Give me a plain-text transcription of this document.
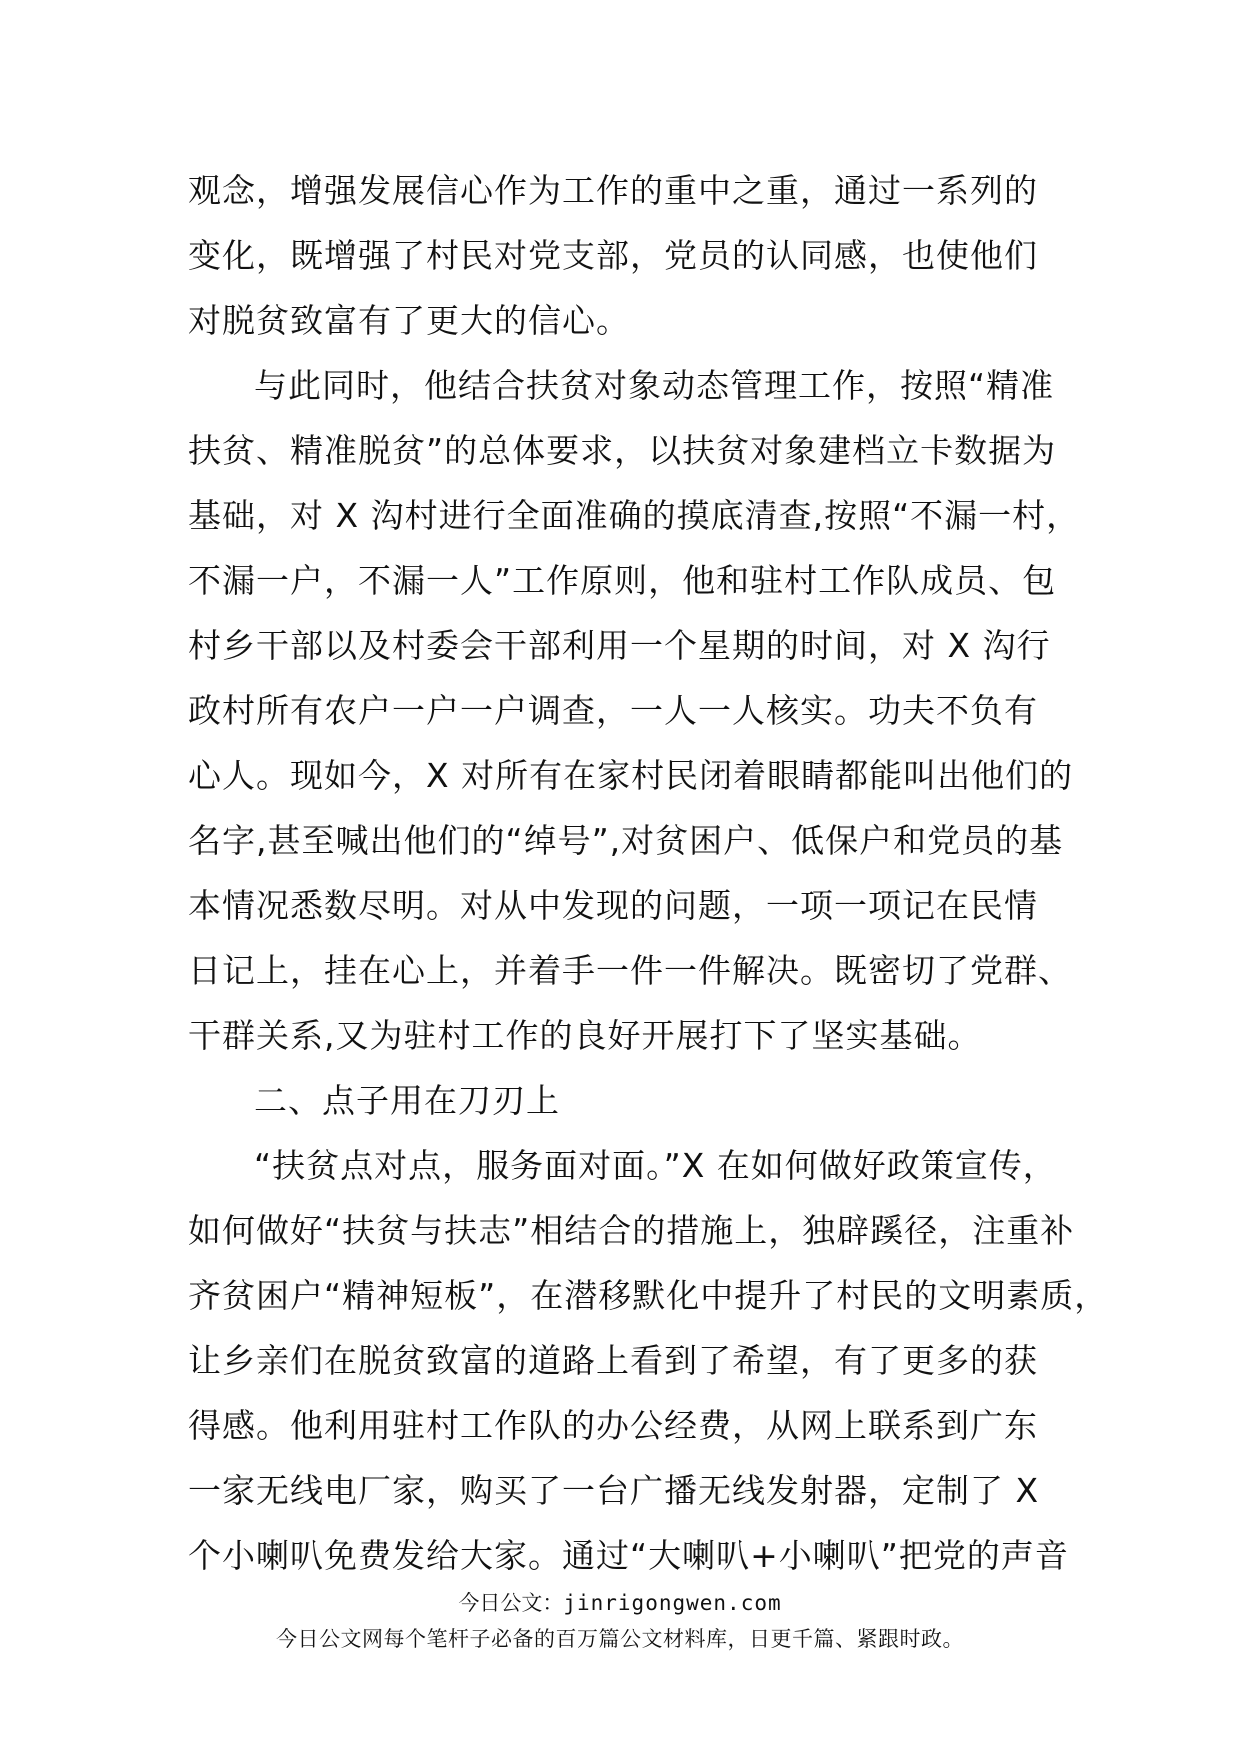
观念，增强发展信心作为工作的重中之重，通过一系列的
变化，既增强了村民对党支部，党员的认同感，也使他们
对脱贫致富有了更大的信心。
与此同时，他结合扶贫对象动态管理工作，按照“精准
扶贫、精准脱贫”的总体要求，以扶贫对象建档立卡数据为
基础，对 X 沟村进行全面准确的摸底清查,按照“不漏一村，
不漏一户，不漏一人”工作原则，他和驻村工作队成员、包
村乡干部以及村委会干部利用一个星期的时间，对 X 沟行
政村所有农户一户一户调查，一人一人核实。功夫不负有
心人。现如今，X 对所有在家村民闭着眼睛都能叫出他们的
名字,甚至喊出他们的“绰号”,对贫困户、低保户和党员的基
本情况悉数尽明。对从中发现的问题，一项一项记在民情
日记上，挂在心上，并着手一件一件解决。既密切了党群、
干群关系,又为驻村工作的良好开展打下了坚实基础。
二、点子用在刀刃上
“扶贫点对点，服务面对面。”X 在如何做好政策宣传，
如何做好“扶贫与扶志”相结合的措施上，独辟蹊径，注重补
齐贫困户“精神短板”，在潜移默化中提升了村民的文明素质，
让乡亲们在脱贫致富的道路上看到了希望，有了更多的获
得感。他利用驻村工作队的办公经费，从网上联系到广东
一家无线电厂家，购买了一台广播无线发射器，定制了 X
个小喇叭免费发给大家。通过“大喇叭+小喇叭”把党的声音
今日公文：jinrigongwen.com
今日公文网每个笔杆子必备的百万篇公文材料库，日更千篇、紧跟时政。
